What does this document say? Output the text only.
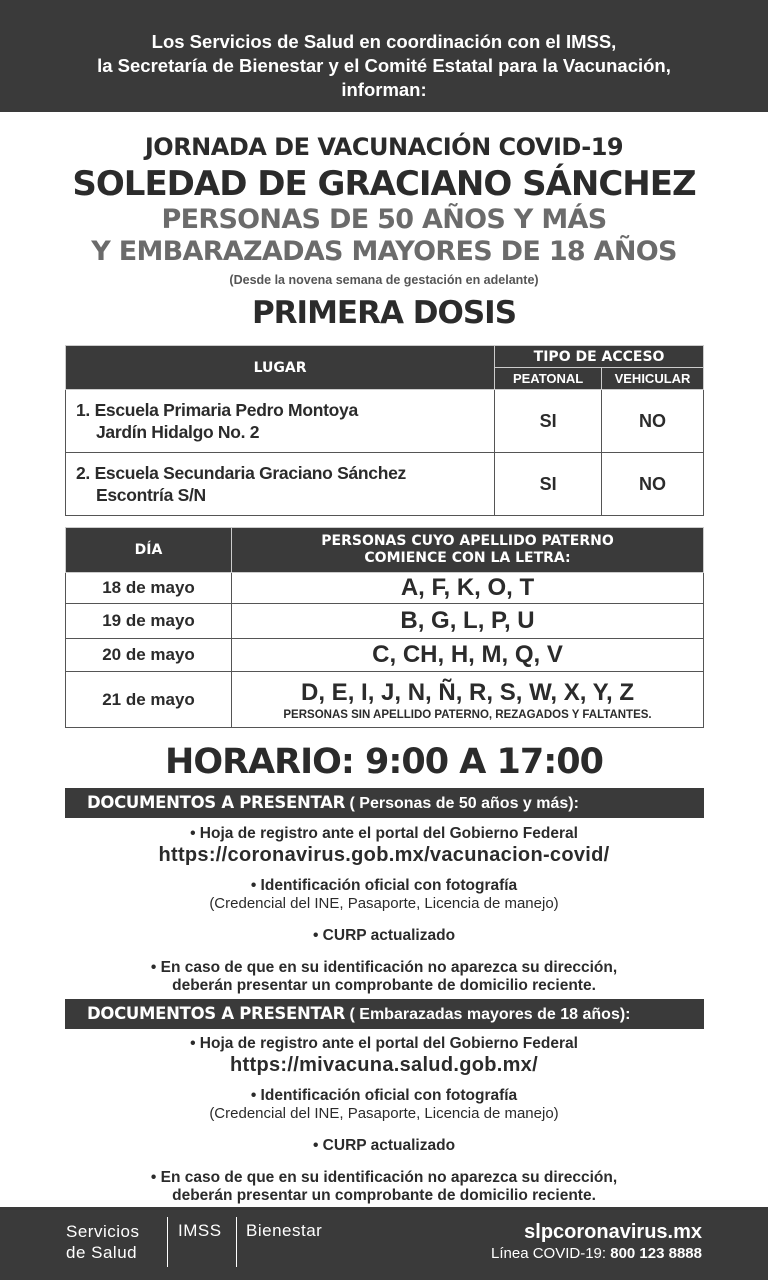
Los Servicios de Salud en coordinación con el IMSS,
la Secretaría de Bienestar y el Comité Estatal para la Vacunación,
informan:
JORNADA DE VACUNACIÓN COVID-19
SOLEDAD DE GRACIANO SÁNCHEZ
PERSONAS DE 50 AÑOS Y MÁS
Y EMBARAZADAS MAYORES DE 18 AÑOS
(Desde la novena semana de gestación en adelante)
PRIMERA DOSIS
LUGAR	TIPO DE ACCESO	
	PEATONAL	VEHICULAR

1. Escuela Primaria Pedro Montoya
Jardín Hidalgo No. 2	SI	NO

2. Escuela Secundaria Graciano Sánchez
Escontría S/N	SI	NO
DÍA	PERSONAS CUYO APELLIDO PATERNO
COMIENCE CON LA LETRA:

18 de mayo	A, F, K, O, T
19 de mayo	B, G, L, P, U
20 de mayo	C, CH, H, M, Q, V
21 de mayo	D, E, I, J, N, Ñ, R, S, W, X, Y, Z
PERSONAS SIN APELLIDO PATERNO, REZAGADOS Y FALTANTES.
HORARIO: 9:00 A 17:00
DOCUMENTOS A PRESENTAR ( Personas de 50 años y más):
• Hoja de registro ante el portal del Gobierno Federal
https://coronavirus.gob.mx/vacunacion-covid/
• Identificación oficial con fotografía
(Credencial del INE, Pasaporte, Licencia de manejo)
• CURP actualizado
• En caso de que en su identificación no aparezca su dirección,
deberán presentar un comprobante de domicilio reciente.
DOCUMENTOS A PRESENTAR ( Embarazadas mayores de 18 años):
• Hoja de registro ante el portal del Gobierno Federal
https://mivacuna.salud.gob.mx/
• Identificación oficial con fotografía
(Credencial del INE, Pasaporte, Licencia de manejo)
• CURP actualizado
• En caso de que en su identificación no aparezca su dirección,
deberán presentar un comprobante de domicilio reciente.
Servicios
de Salud
IMSS Bienestar	slpcoronavirus.mx
Línea COVID-19: 800 123 8888
